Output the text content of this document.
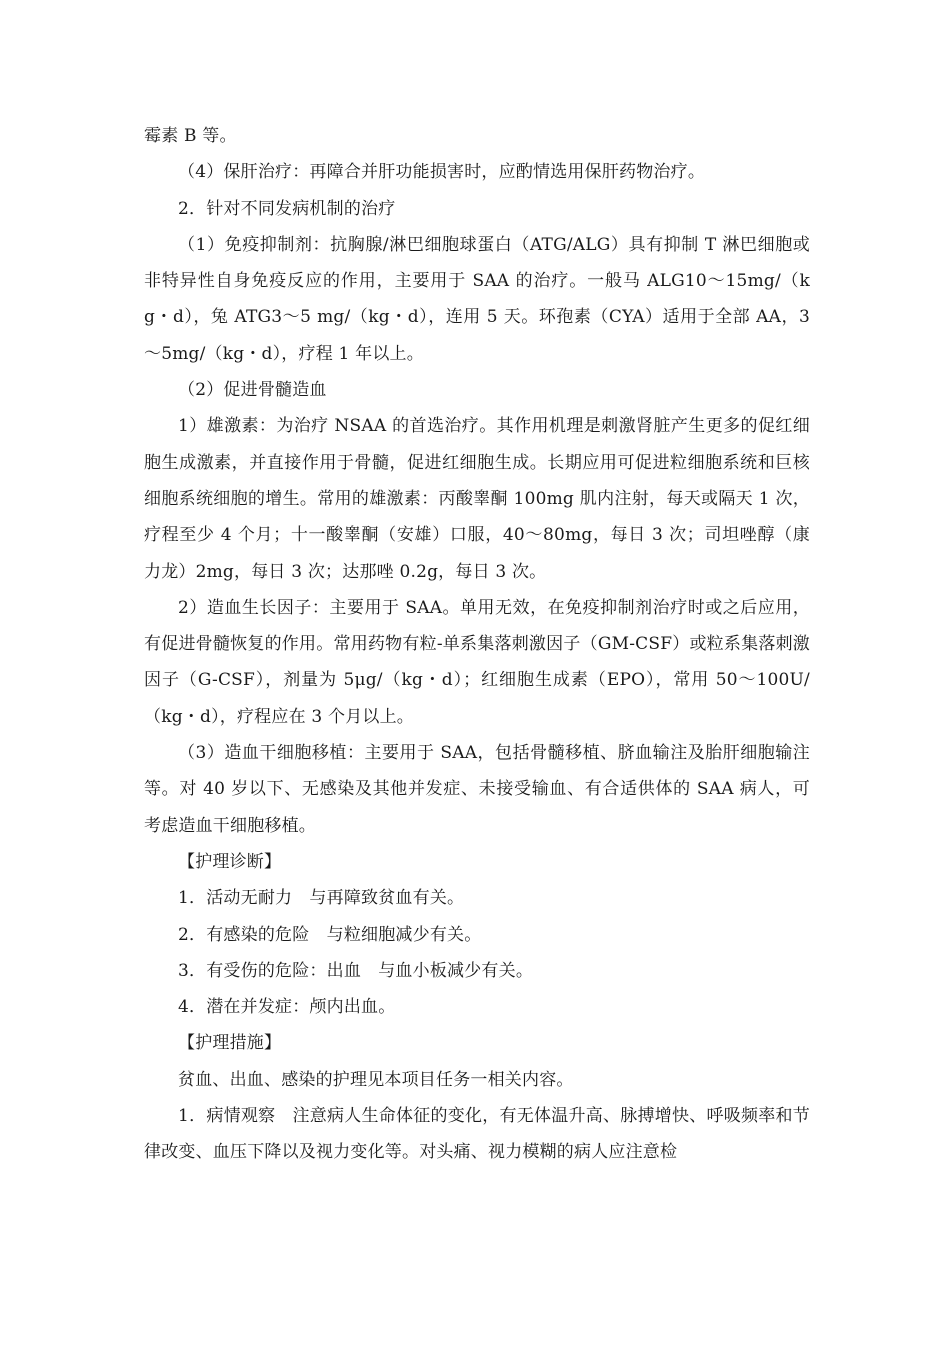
霉素 B 等。

（4）保肝治疗：再障合并肝功能损害时，应酌情选用保肝药物治疗。

2．针对不同发病机制的治疗

（1）免疫抑制剂：抗胸腺/淋巴细胞球蛋白（ATG/ALG）具有抑制 T 淋巴细胞或非特异性自身免疫反应的作用，主要用于 SAA 的治疗。一般马 ALG10～15mg/（kg・d），兔 ATG3～5 mg/（kg・d），连用 5 天。环孢素（CYA）适用于全部 AA，3～5mg/（kg・d），疗程 1 年以上。

（2）促进骨髓造血

1）雄激素：为治疗 NSAA 的首选治疗。其作用机理是刺激肾脏产生更多的促红细胞生成激素，并直接作用于骨髓，促进红细胞生成。长期应用可促进粒细胞系统和巨核细胞系统细胞的增生。常用的雄激素：丙酸睾酮 100mg 肌内注射，每天或隔天 1 次，疗程至少 4 个月；十一酸睾酮（安雄）口服，40～80mg，每日 3 次；司坦唑醇（康力龙）2mg，每日 3 次；达那唑 0.2g，每日 3 次。

2）造血生长因子：主要用于 SAA。单用无效，在免疫抑制剂治疗时或之后应用，有促进骨髓恢复的作用。常用药物有粒-单系集落刺激因子（GM-CSF）或粒系集落刺激因子（G-CSF），剂量为 5μg/（kg・d）；红细胞生成素（EPO），常用 50～100U/（kg・d），疗程应在 3 个月以上。

（3）造血干细胞移植：主要用于 SAA，包括骨髓移植、脐血输注及胎肝细胞输注等。对 40 岁以下、无感染及其他并发症、未接受输血、有合适供体的 SAA 病人，可考虑造血干细胞移植。

【护理诊断】

1．活动无耐力　与再障致贫血有关。

2．有感染的危险　与粒细胞减少有关。

3．有受伤的危险：出血　与血小板减少有关。

4．潜在并发症：颅内出血。

【护理措施】

贫血、出血、感染的护理见本项目任务一相关内容。

1．病情观察　注意病人生命体征的变化，有无体温升高、脉搏增快、呼吸频率和节律改变、血压下降以及视力变化等。对头痛、视力模糊的病人应注意检
